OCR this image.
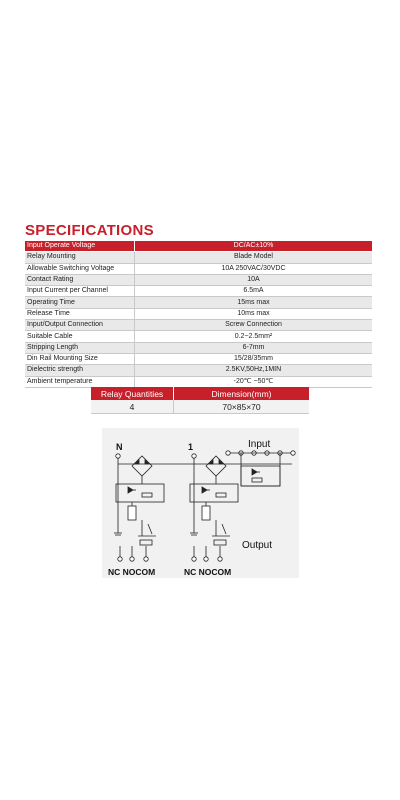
SPECIFICATIONS
Input Operate Voltage	DC/AC±10%
Relay Mounting	Blade Model
Allowable Switching Voltage	10A 250VAC/30VDC
Contact Rating	10A
Input Current per Channel	6.5mA
Operating Time	15ms max
Release Time	10ms max
Input/Output Connection	Screw Connection
Suitable Cable	0.2~2.5mm²
Stripping Length	6-7mm
Din Rail Mounting Size	15/28/35mm
Dielectric strength	2.5KV,50Hz,1MIN
Ambient temperature	-20℃ ~50℃
Relay Quantities	Dimension(mm)
4	70×85×70
N	1	Input
Output
NC NOCOM	NC NOCOM
